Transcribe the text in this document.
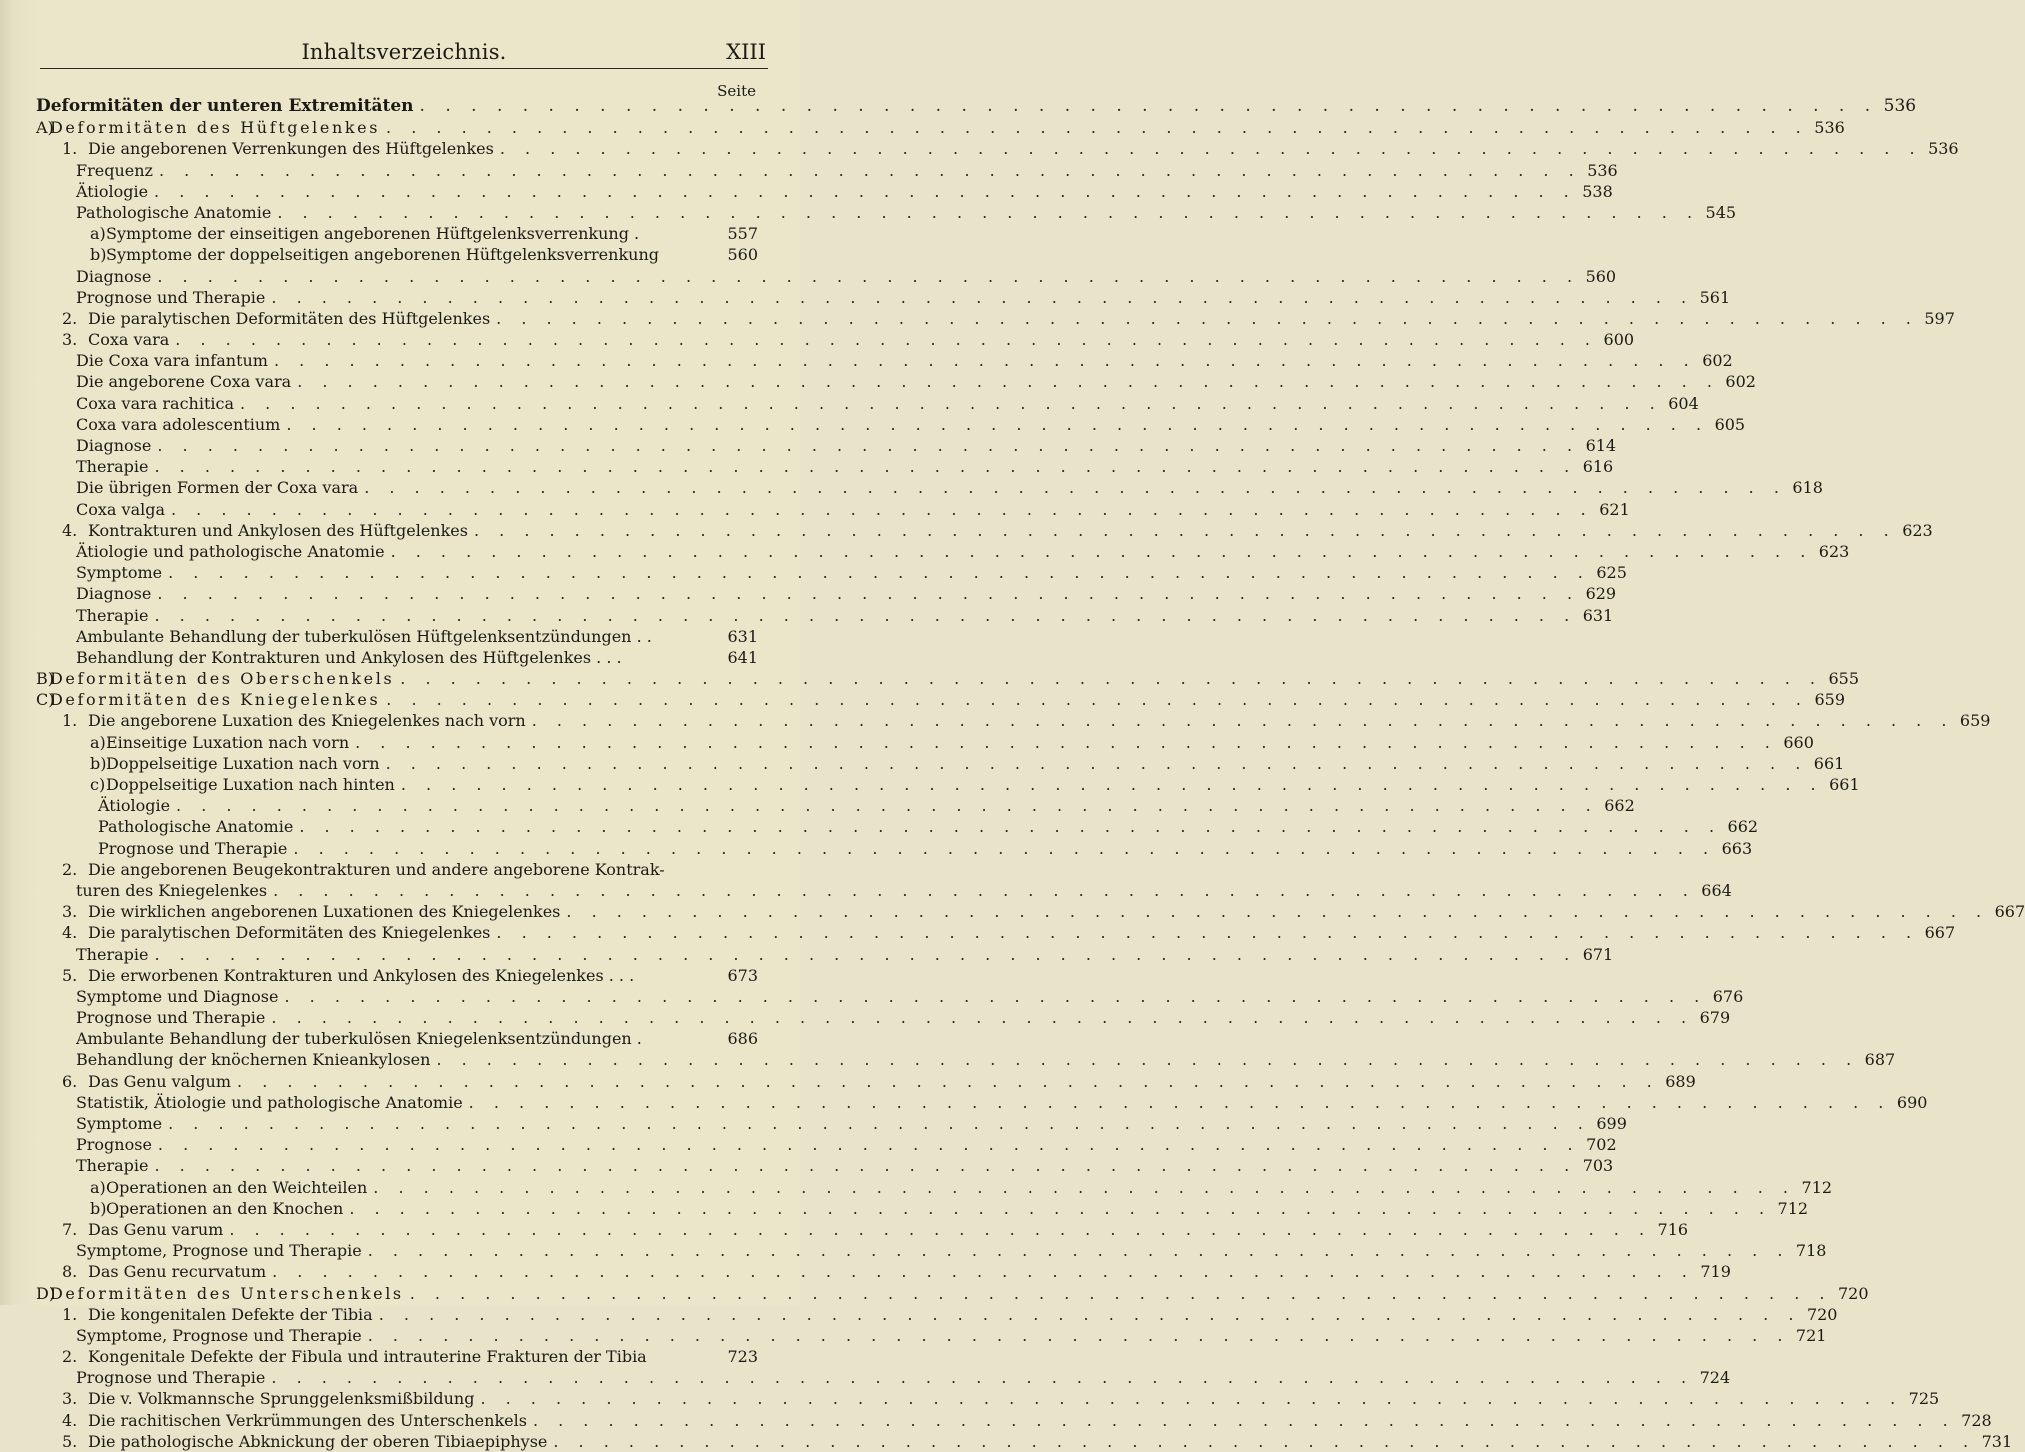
Inhaltsverzeichnis.	XIII
Seite
Deformitäten der unteren Extremitäten . . . . . . . . . . . . . . . . . . . . . . . . . . . . . . . . . . . . . . . . . . . . . . . . . . . . . . . . . 536
A)
Deformitäten des Hüftgelenkes . . . . . . . . . . . . . . . . . . . . . . . . . . . . . . . . . . . . . . . . . . . . . . . . . . . . . . . . . 536
1. Die angeborenen Verrenkungen des Hüftgelenkes . . . . . . . . . . . . . . . . . . . . . . . . . . . . . . . . . . . . . . . . . . . . . . . . . . . . . . . . . 536
Frequenz . . . . . . . . . . . . . . . . . . . . . . . . . . . . . . . . . . . . . . . . . . . . . . . . . . . . . . . . . 536
Ätiologie . . . . . . . . . . . . . . . . . . . . . . . . . . . . . . . . . . . . . . . . . . . . . . . . . . . . . . . . . 538
Pathologische Anatomie . . . . . . . . . . . . . . . . . . . . . . . . . . . . . . . . . . . . . . . . . . . . . . . . . . . . . . . . . 545
a) Symptome der einseitigen angeborenen Hüftgelenksverrenkung .	557
b) Symptome der doppelseitigen angeborenen Hüftgelenksverrenkung	560
Diagnose . . . . . . . . . . . . . . . . . . . . . . . . . . . . . . . . . . . . . . . . . . . . . . . . . . . . . . . . . 560
Prognose und Therapie . . . . . . . . . . . . . . . . . . . . . . . . . . . . . . . . . . . . . . . . . . . . . . . . . . . . . . . . . 561
2. Die paralytischen Deformitäten des Hüftgelenkes . . . . . . . . . . . . . . . . . . . . . . . . . . . . . . . . . . . . . . . . . . . . . . . . . . . . . . . . . 597
3. Coxa vara . . . . . . . . . . . . . . . . . . . . . . . . . . . . . . . . . . . . . . . . . . . . . . . . . . . . . . . . . 600
Die Coxa vara infantum . . . . . . . . . . . . . . . . . . . . . . . . . . . . . . . . . . . . . . . . . . . . . . . . . . . . . . . . . 602
Die angeborene Coxa vara . . . . . . . . . . . . . . . . . . . . . . . . . . . . . . . . . . . . . . . . . . . . . . . . . . . . . . . . . 602
Coxa vara rachitica . . . . . . . . . . . . . . . . . . . . . . . . . . . . . . . . . . . . . . . . . . . . . . . . . . . . . . . . . 604
Coxa vara adolescentium . . . . . . . . . . . . . . . . . . . . . . . . . . . . . . . . . . . . . . . . . . . . . . . . . . . . . . . . . 605
Diagnose . . . . . . . . . . . . . . . . . . . . . . . . . . . . . . . . . . . . . . . . . . . . . . . . . . . . . . . . . 614
Therapie . . . . . . . . . . . . . . . . . . . . . . . . . . . . . . . . . . . . . . . . . . . . . . . . . . . . . . . . . 616
Die übrigen Formen der Coxa vara . . . . . . . . . . . . . . . . . . . . . . . . . . . . . . . . . . . . . . . . . . . . . . . . . . . . . . . . . 618
Coxa valga . . . . . . . . . . . . . . . . . . . . . . . . . . . . . . . . . . . . . . . . . . . . . . . . . . . . . . . . . 621
4. Kontrakturen und Ankylosen des Hüftgelenkes . . . . . . . . . . . . . . . . . . . . . . . . . . . . . . . . . . . . . . . . . . . . . . . . . . . . . . . . . 623
Ätiologie und pathologische Anatomie . . . . . . . . . . . . . . . . . . . . . . . . . . . . . . . . . . . . . . . . . . . . . . . . . . . . . . . . . 623
Symptome . . . . . . . . . . . . . . . . . . . . . . . . . . . . . . . . . . . . . . . . . . . . . . . . . . . . . . . . . 625
Diagnose . . . . . . . . . . . . . . . . . . . . . . . . . . . . . . . . . . . . . . . . . . . . . . . . . . . . . . . . . 629
Therapie . . . . . . . . . . . . . . . . . . . . . . . . . . . . . . . . . . . . . . . . . . . . . . . . . . . . . . . . . 631
Ambulante Behandlung der tuberkulösen Hüftgelenksentzündungen . .	631
Behandlung der Kontrakturen und Ankylosen des Hüftgelenkes . . .	641
B)
Deformitäten des Oberschenkels . . . . . . . . . . . . . . . . . . . . . . . . . . . . . . . . . . . . . . . . . . . . . . . . . . . . . . . . . 655
C)
Deformitäten des Kniegelenkes . . . . . . . . . . . . . . . . . . . . . . . . . . . . . . . . . . . . . . . . . . . . . . . . . . . . . . . . . 659
1. Die angeborene Luxation des Kniegelenkes nach vorn . . . . . . . . . . . . . . . . . . . . . . . . . . . . . . . . . . . . . . . . . . . . . . . . . . . . . . . . . 659
a) Einseitige Luxation nach vorn . . . . . . . . . . . . . . . . . . . . . . . . . . . . . . . . . . . . . . . . . . . . . . . . . . . . . . . . . 660
b) Doppelseitige Luxation nach vorn . . . . . . . . . . . . . . . . . . . . . . . . . . . . . . . . . . . . . . . . . . . . . . . . . . . . . . . . . 661
c) Doppelseitige Luxation nach hinten . . . . . . . . . . . . . . . . . . . . . . . . . . . . . . . . . . . . . . . . . . . . . . . . . . . . . . . . . 661
Ätiologie . . . . . . . . . . . . . . . . . . . . . . . . . . . . . . . . . . . . . . . . . . . . . . . . . . . . . . . . . 662
Pathologische Anatomie . . . . . . . . . . . . . . . . . . . . . . . . . . . . . . . . . . . . . . . . . . . . . . . . . . . . . . . . . 662
Prognose und Therapie . . . . . . . . . . . . . . . . . . . . . . . . . . . . . . . . . . . . . . . . . . . . . . . . . . . . . . . . . 663
2. Die angeborenen Beugekontrakturen und andere angeborene Kontrak-
turen des Kniegelenkes . . . . . . . . . . . . . . . . . . . . . . . . . . . . . . . . . . . . . . . . . . . . . . . . . . . . . . . . . 664
3. Die wirklichen angeborenen Luxationen des Kniegelenkes . . . . . . . . . . . . . . . . . . . . . . . . . . . . . . . . . . . . . . . . . . . . . . . . . . . . . . . . . 667
4. Die paralytischen Deformitäten des Kniegelenkes . . . . . . . . . . . . . . . . . . . . . . . . . . . . . . . . . . . . . . . . . . . . . . . . . . . . . . . . . 667
Therapie . . . . . . . . . . . . . . . . . . . . . . . . . . . . . . . . . . . . . . . . . . . . . . . . . . . . . . . . . 671
5. Die erworbenen Kontrakturen und Ankylosen des Kniegelenkes . . .	673
Symptome und Diagnose . . . . . . . . . . . . . . . . . . . . . . . . . . . . . . . . . . . . . . . . . . . . . . . . . . . . . . . . . 676
Prognose und Therapie . . . . . . . . . . . . . . . . . . . . . . . . . . . . . . . . . . . . . . . . . . . . . . . . . . . . . . . . . 679
Ambulante Behandlung der tuberkulösen Kniegelenksentzündungen .	686
Behandlung der knöchernen Knieankylosen . . . . . . . . . . . . . . . . . . . . . . . . . . . . . . . . . . . . . . . . . . . . . . . . . . . . . . . . . 687
6. Das Genu valgum . . . . . . . . . . . . . . . . . . . . . . . . . . . . . . . . . . . . . . . . . . . . . . . . . . . . . . . . . 689
Statistik, Ätiologie und pathologische Anatomie . . . . . . . . . . . . . . . . . . . . . . . . . . . . . . . . . . . . . . . . . . . . . . . . . . . . . . . . . 690
Symptome . . . . . . . . . . . . . . . . . . . . . . . . . . . . . . . . . . . . . . . . . . . . . . . . . . . . . . . . . 699
Prognose . . . . . . . . . . . . . . . . . . . . . . . . . . . . . . . . . . . . . . . . . . . . . . . . . . . . . . . . . 702
Therapie . . . . . . . . . . . . . . . . . . . . . . . . . . . . . . . . . . . . . . . . . . . . . . . . . . . . . . . . . 703
a) Operationen an den Weichteilen . . . . . . . . . . . . . . . . . . . . . . . . . . . . . . . . . . . . . . . . . . . . . . . . . . . . . . . . . 712
b) Operationen an den Knochen . . . . . . . . . . . . . . . . . . . . . . . . . . . . . . . . . . . . . . . . . . . . . . . . . . . . . . . . . 712
7. Das Genu varum . . . . . . . . . . . . . . . . . . . . . . . . . . . . . . . . . . . . . . . . . . . . . . . . . . . . . . . . . 716
Symptome, Prognose und Therapie . . . . . . . . . . . . . . . . . . . . . . . . . . . . . . . . . . . . . . . . . . . . . . . . . . . . . . . . . 718
8. Das Genu recurvatum . . . . . . . . . . . . . . . . . . . . . . . . . . . . . . . . . . . . . . . . . . . . . . . . . . . . . . . . . 719
D)
Deformitäten des Unterschenkels . . . . . . . . . . . . . . . . . . . . . . . . . . . . . . . . . . . . . . . . . . . . . . . . . . . . . . . . . 720
1. Die kongenitalen Defekte der Tibia . . . . . . . . . . . . . . . . . . . . . . . . . . . . . . . . . . . . . . . . . . . . . . . . . . . . . . . . . 720
Symptome, Prognose und Therapie . . . . . . . . . . . . . . . . . . . . . . . . . . . . . . . . . . . . . . . . . . . . . . . . . . . . . . . . . 721
2. Kongenitale Defekte der Fibula und intrauterine Frakturen der Tibia	723
Prognose und Therapie . . . . . . . . . . . . . . . . . . . . . . . . . . . . . . . . . . . . . . . . . . . . . . . . . . . . . . . . . 724
3. Die v. Volkmannsche Sprunggelenksmißbildung . . . . . . . . . . . . . . . . . . . . . . . . . . . . . . . . . . . . . . . . . . . . . . . . . . . . . . . . . 725
4. Die rachitischen Verkrümmungen des Unterschenkels . . . . . . . . . . . . . . . . . . . . . . . . . . . . . . . . . . . . . . . . . . . . . . . . . . . . . . . . . 728
5. Die pathologische Abknickung der oberen Tibiaepiphyse . . . . . . . . . . . . . . . . . . . . . . . . . . . . . . . . . . . . . . . . . . . . . . . . . . . . . . . . . 731
